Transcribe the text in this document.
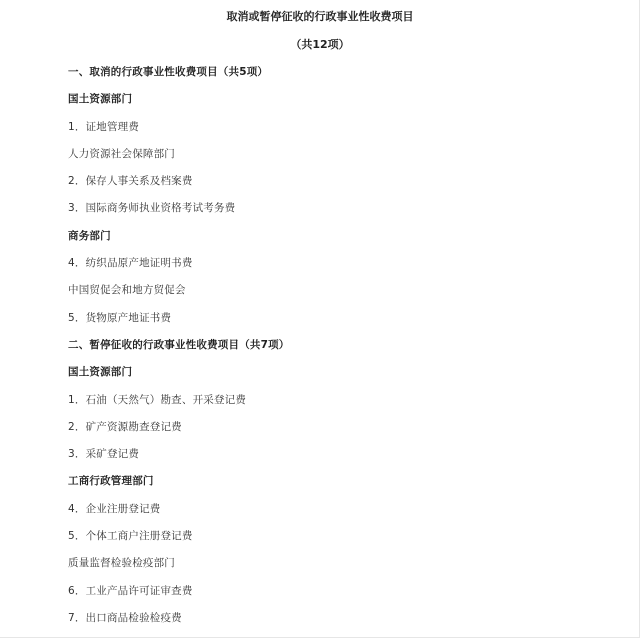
取消或暂停征收的行政事业性收费项目
（共12项）
一、取消的行政事业性收费项目（共5项）
国土资源部门
1．证地管理费
人力资源社会保障部门
2．保存人事关系及档案费
3．国际商务师执业资格考试考务费
商务部门
4．纺织品原产地证明书费
中国贸促会和地方贸促会
5．货物原产地证书费
二、暂停征收的行政事业性收费项目（共7项）
国土资源部门
1．石油（天然气）勘查、开采登记费
2．矿产资源勘查登记费
3．采矿登记费
工商行政管理部门
4．企业注册登记费
5．个体工商户注册登记费
质量监督检验检疫部门
6．工业产品许可证审查费
7．出口商品检验检疫费
